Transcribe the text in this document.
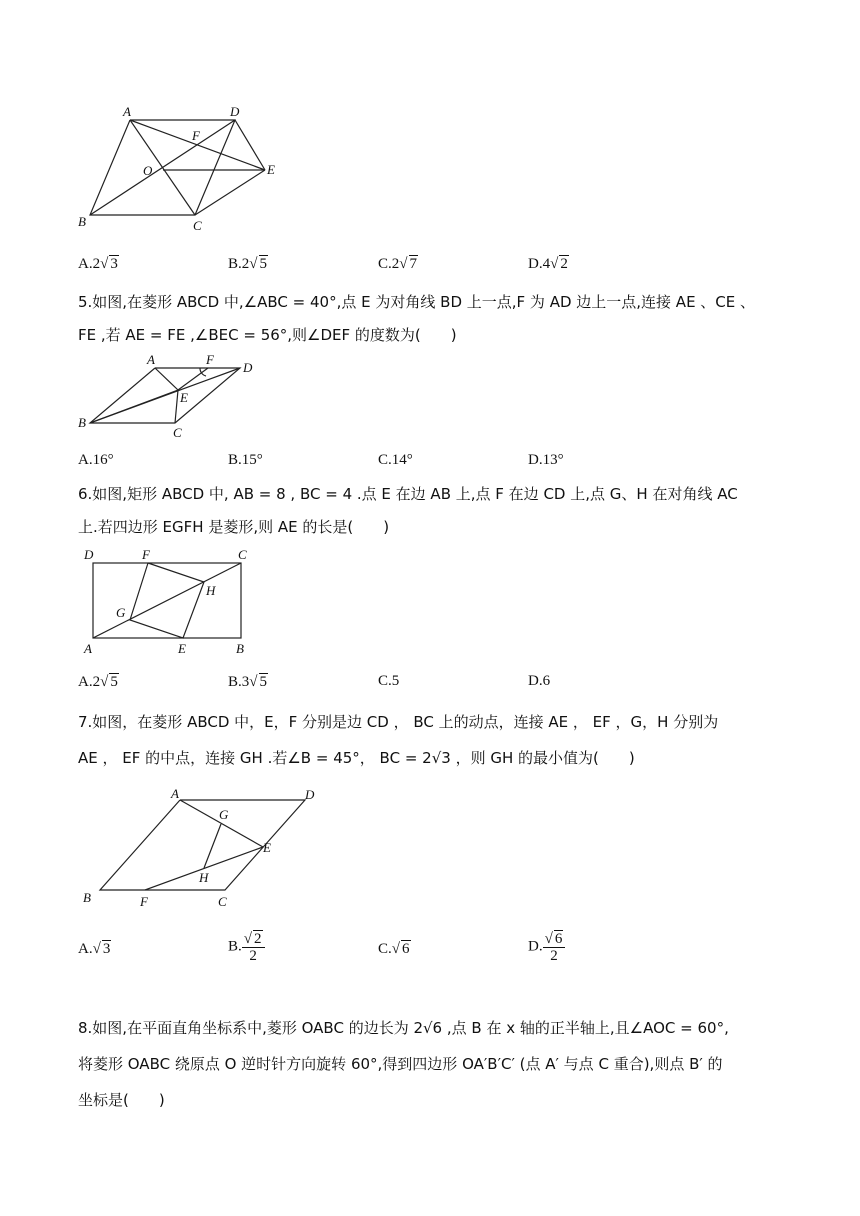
A	D
F
O	E
B	C
A.2√ 3	B.2√ 5	C.2√ 7	D.4√ 2
5.如图,在菱形 ABCD 中,∠ABC = 40°,点 E 为对角线 BD 上一点,F 为 AD 边上一点,连接 AE 、CE 、
FE ,若 AE = FE ,∠BEC = 56°,则∠DEF 的度数为(　　)
A	F
D
E
B
C
A.16°	B.15°	C.14°	D.13°
6.如图,矩形 ABCD 中, AB = 8 , BC = 4 .点 E 在边 AB 上,点 F 在边 CD 上,点 G、H 在对角线 AC
上.若四边形 EGFH 是菱形,则 AE 的长是(　　)
D	F	C
H
G
A	E	B
A.2√ 5	B.3√ 5	C.5	D.6
7.如图，在菱形 ABCD 中，E，F 分别是边 CD ， BC 上的动点，连接 AE ， EF ，G，H 分别为
AE ， EF 的中点，连接 GH .若∠B = 45°， BC = 2√3 ，则 GH 的最小值为(　　)
A	D
G
E
H
B	F	C
A.√ 3	B. $\frac{√ 2}{2}$	C.√ 6	D. $\frac{√ 6}{2}$
8.如图,在平面直角坐标系中,菱形 OABC 的边长为 2√6 ,点 B 在 x 轴的正半轴上,且∠AOC = 60°,
将菱形 OABC 绕原点 O 逆时针方向旋转 60°,得到四边形 OA′B′C′ (点 A′ 与点 C 重合),则点 B′ 的
坐标是(　　)
